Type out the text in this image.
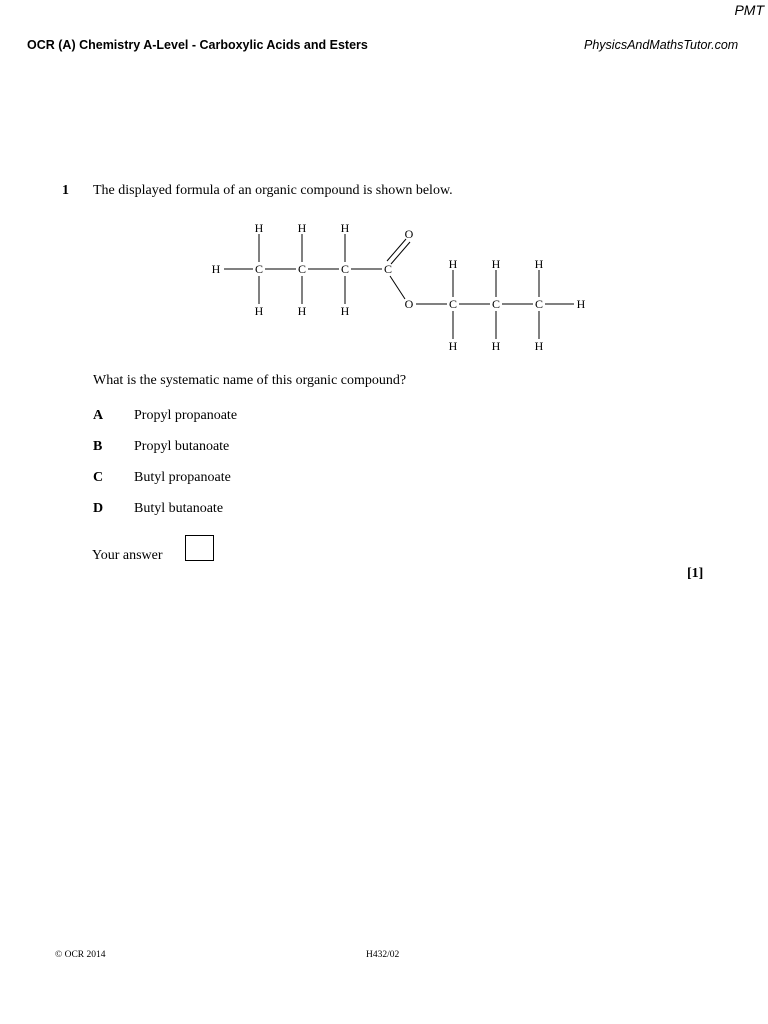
PMT
OCR (A) Chemistry A-Level - Carboxylic Acids and Esters	PhysicsAndMathsTutor.com
1 The displayed formula of an organic compound is shown below.
H	H	H
H	C	C	C	C
O
H	H	H	O
H	H	H
C	C	C	H
H	H	H
What is the systematic name of this organic compound?
A Propyl propanoate
B Propyl butanoate
C Butyl propanoate
D Butyl butanoate
Your answer
[1]
© OCR 2014	H432/02
